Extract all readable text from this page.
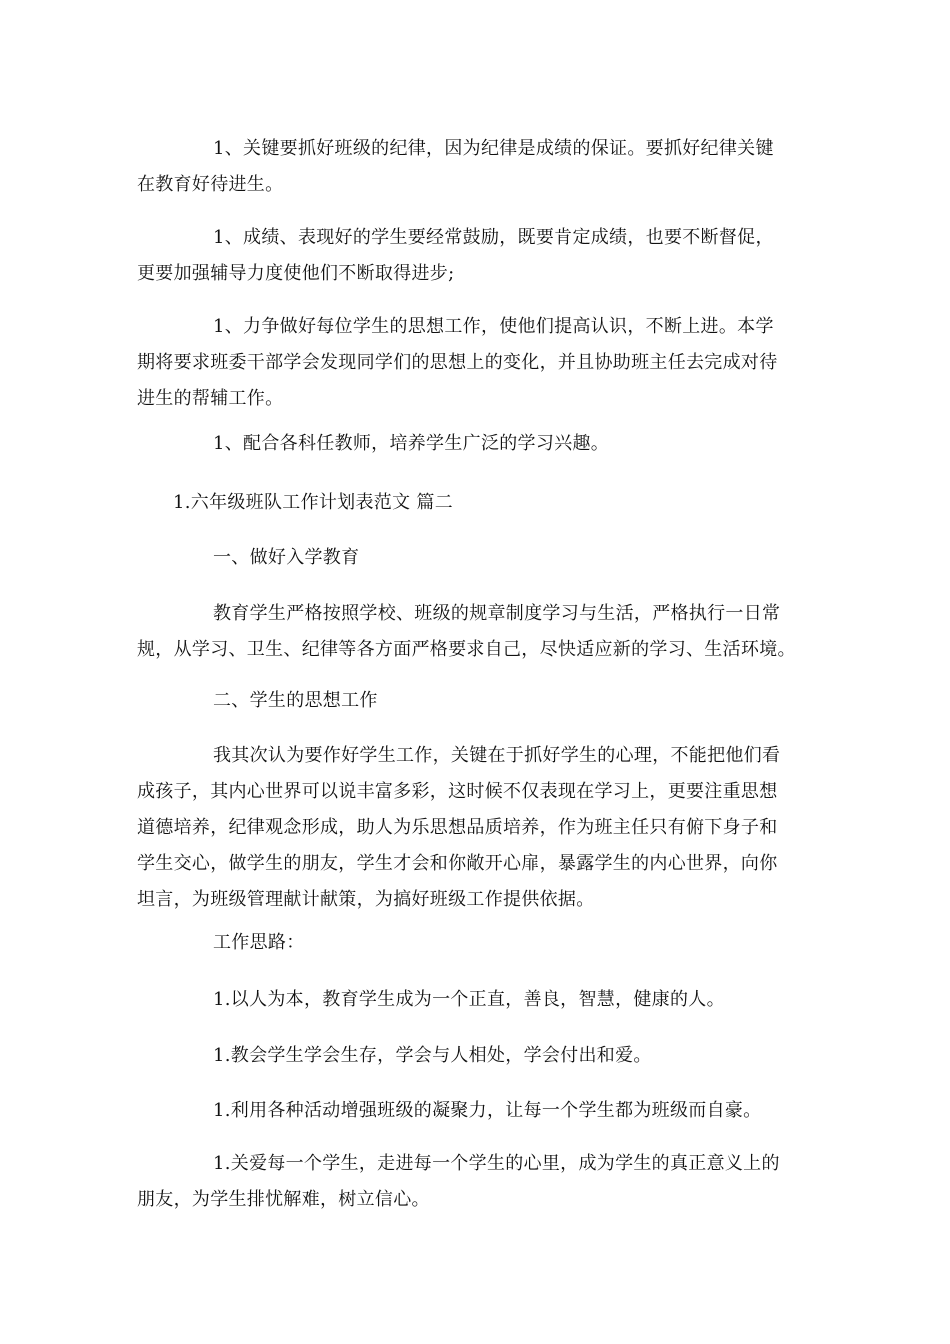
1、关键要抓好班级的纪律，因为纪律是成绩的保证。要抓好纪律关键
在教育好待进生。

1、成绩、表现好的学生要经常鼓励，既要肯定成绩，也要不断督促，
更要加强辅导力度使他们不断取得进步;

1、力争做好每位学生的思想工作，使他们提高认识，不断上进。本学
期将要求班委干部学会发现同学们的思想上的变化，并且协助班主任去完成对待
进生的帮辅工作。

1、配合各科任教师，培养学生广泛的学习兴趣。

1.六年级班队工作计划表范文 篇二

一、做好入学教育

教育学生严格按照学校、班级的规章制度学习与生活，严格执行一日常
规，从学习、卫生、纪律等各方面严格要求自己，尽快适应新的学习、生活环境。

二、学生的思想工作

我其次认为要作好学生工作，关键在于抓好学生的心理，不能把他们看
成孩子，其内心世界可以说丰富多彩，这时候不仅表现在学习上，更要注重思想
道德培养，纪律观念形成，助人为乐思想品质培养，作为班主任只有俯下身子和
学生交心，做学生的朋友，学生才会和你敞开心扉，暴露学生的内心世界，向你
坦言，为班级管理献计献策，为搞好班级工作提供依据。

工作思路：

1.以人为本，教育学生成为一个正直，善良，智慧，健康的人。

1.教会学生学会生存，学会与人相处，学会付出和爱。

1.利用各种活动增强班级的凝聚力，让每一个学生都为班级而自豪。

1.关爱每一个学生，走进每一个学生的心里，成为学生的真正意义上的
朋友，为学生排忧解难，树立信心。
